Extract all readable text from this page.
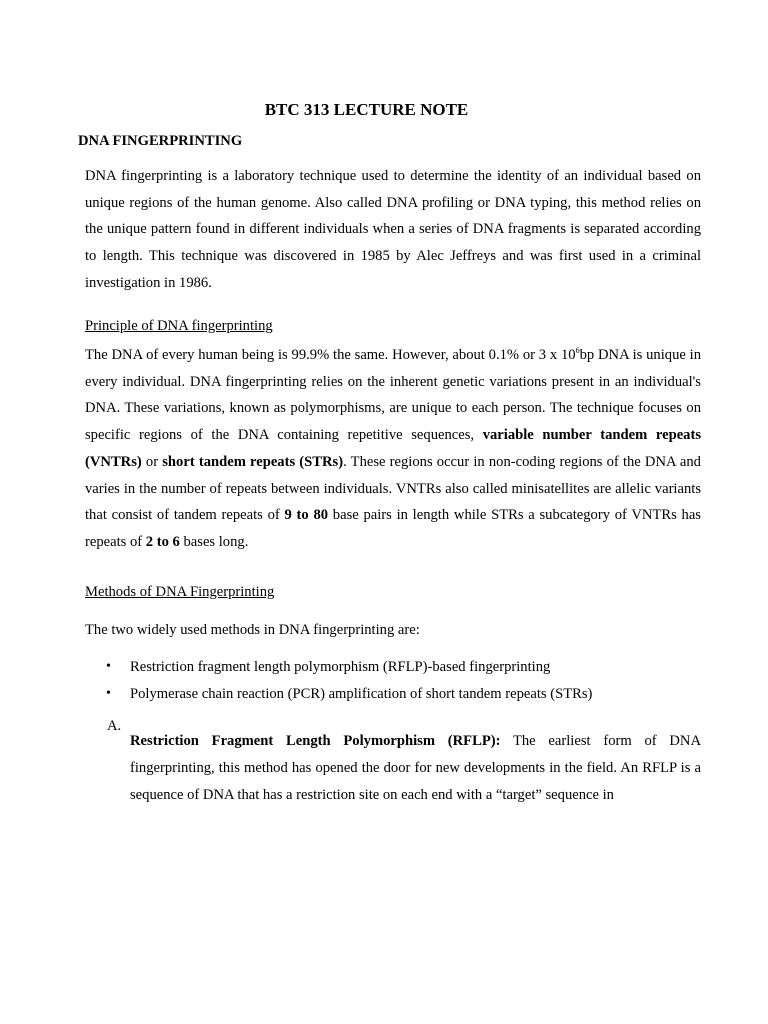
BTC 313 LECTURE NOTE
DNA FINGERPRINTING

DNA fingerprinting is a laboratory technique used to determine the identity of an individual based on unique regions of the human genome. Also called DNA profiling or DNA typing, this method relies on the unique pattern found in different individuals when a series of DNA fragments is separated according to length. This technique was discovered in 1985 by Alec Jeffreys and was first used in a criminal investigation in 1986.

Principle of DNA fingerprinting

The DNA of every human being is 99.9% the same. However, about 0.1% or 3 x $10^6bp$ DNA is unique in every individual. DNA fingerprinting relies on the inherent genetic variations present in an individual's DNA. These variations, known as polymorphisms, are unique to each person. The technique focuses on specific regions of the DNA containing repetitive sequences, variable number tandem repeats (VNTRs) or short tandem repeats (STRs). These regions occur in non-coding regions of the DNA and varies in the number of repeats between individuals. VNTRs also called minisatellites are allelic variants that consist of tandem repeats of 9 to 80 base pairs in length while STRs a subcategory of VNTRs has repeats of 2 to 6 bases long.

Methods of DNA Fingerprinting

The two widely used methods in DNA fingerprinting are:

• Restriction fragment length polymorphism (RFLP)-based fingerprinting
• Polymerase chain reaction (PCR) amplification of short tandem repeats (STRs)
A.

Restriction Fragment Length Polymorphism (RFLP): The earliest form of DNA fingerprinting, this method has opened the door for new developments in the field. An RFLP is a sequence of DNA that has a restriction site on each end with a “target” sequence in
